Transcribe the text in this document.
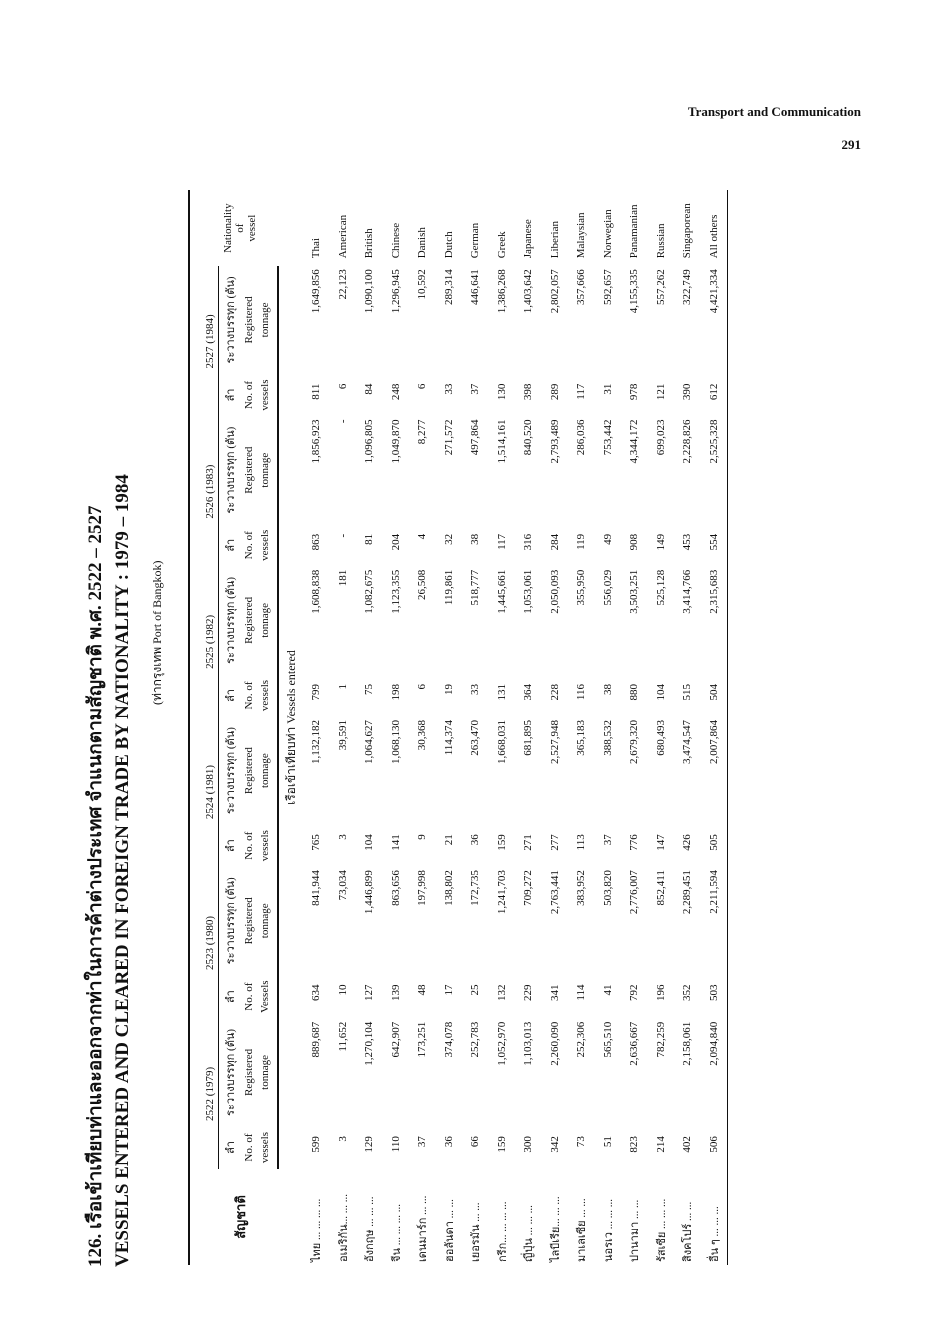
Transport and Communication
291
126. เรือเข้าเทียบท่าและออกจากท่าในการค้าต่างประเทศ จำแนกตามสัญชาติ พ.ศ. 2522 – 2527 VESSELS ENTERED AND CLEARED IN FOREIGN TRADE BY NATIONALITY : 1979 – 1984 (ท่ากรุงเทพ Port of Bangkok)

สัญชาติ	2522 (1979)		2523 (1980)		2524 (1981)		2525 (1982)		2526 (1983)		2527 (1984)		Nationality of vessel

	ลำ	ระวางบรรทุก (ตัน)	ลำ	ระวางบรรทุก (ตัน)	ลำ	ระวางบรรทุก (ตัน)	ลำ	ระวางบรรทุก (ตัน)	ลำ	ระวางบรรทุก (ตัน)	ลำ	ระวางบรรทุก (ตัน)	
	No. of	Registered	No. of	Registered	No. of	Registered	No. of	Registered	No. of	Registered	No. of	Registered	
	vessels	tonnage	Vessels	tonnage	vessels	tonnage	vessels	tonnage	vessels	tonnage	vessels	tonnage	
เรือเข้าเทียบท่า Vessels entered													
ไทย ... ... ... ...	599	889,687	634	841,944	765	1,132,182	799	1,608,838	863	1,856,923	811	1,649,856	Thai
อเมริกัน... ... ...	3	11,652	10	73,034	3	39,591	1	181	-	-	6	22,123	American
อังกฤษ ... ... ...	129	1,270,104	127	1,446,899	104	1,064,627	75	1,082,675	81	1,096,805	84	1,090,100	British
จีน ... ... ... ...	110	642,907	139	863,656	141	1,068,130	198	1,123,355	204	1,049,870	248	1,296,945	Chinese
เดนมาร์ก ... ...	37	173,251	48	197,998	9	30,368	6	26,508	4	8,277	6	10,592	Danish
ฮอลันดา ... ...	36	374,078	17	138,802	21	114,374	19	119,861	32	271,572	33	289,314	Dutch
เยอรมัน ... ...	66	252,783	25	172,735	36	263,470	33	518,777	38	497,864	37	446,641	German
กรีก... ... ... ...	159	1,052,970	132	1,241,703	159	1,668,031	131	1,445,661	117	1,514,161	130	1,386,268	Greek
ญี่ปุ่น ... ... ...	300	1,103,013	229	709,272	271	681,895	364	1,053,061	316	840,520	398	1,403,642	Japanese
ไลบีเรีย... ... ...	342	2,260,090	341	2,763,441	277	2,527,948	228	2,050,093	284	2,793,489	289	2,802,057	Liberian
มาเลเซีย ... ...	73	252,306	114	383,952	113	365,183	116	355,950	119	286,036	117	357,666	Malaysian
นอรเว ... ... ...	51	565,510	41	503,820	37	388,532	38	556,029	49	753,442	31	592,657	Norwegian
ปานามา ... ...	823	2,636,667	792	2,776,007	776	2,679,320	880	3,503,251	908	4,344,172	978	4,155,335	Panamanian
รัสเซีย ... ... ...	214	782,259	196	852,411	147	680,493	104	525,128	149	699,023	121	557,262	Russian
สิงคโปร์ ... ...	402	2,158,061	352	2,289,451	426	3,474,547	515	3,414,766	453	2,228,826	390	322,749	Singaporean
อื่น ๆ ... ... ...	506	2,094,840	503	2,211,594	505	2,007,864	504	2,315,683	554	2,525,328	612	4,421,334	All others
